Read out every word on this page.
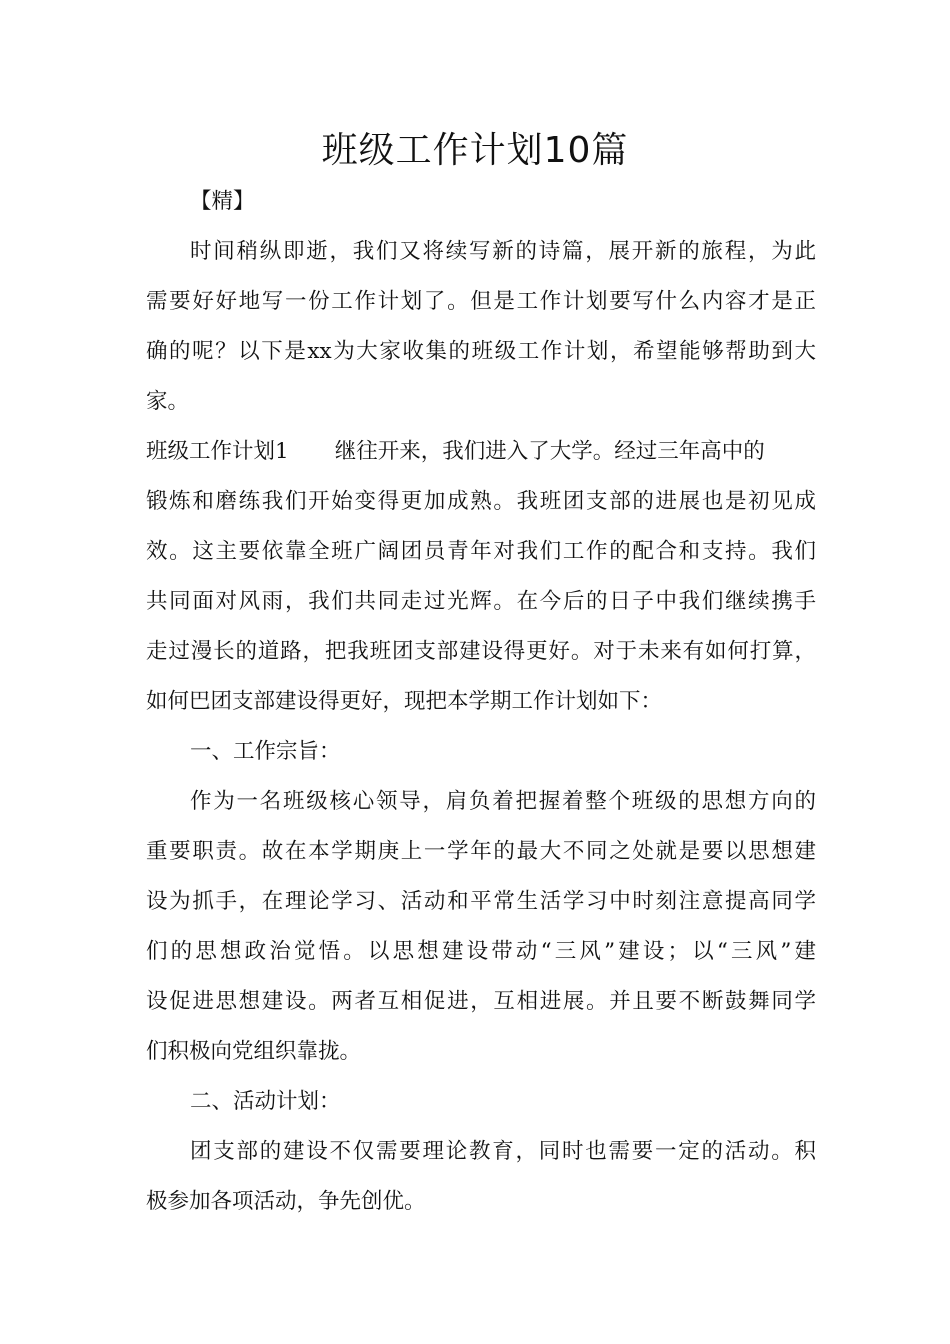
班级工作计划10篇

【精】

时间稍纵即逝，我们又将续写新的诗篇，展开新的旅程，为此

需要好好地写一份工作计划了。但是工作计划要写什么内容才是正

确的呢？以下是xx为大家收集的班级工作计划，希望能够帮助到大

家。

班级工作计划1 继往开来，我们进入了大学。经过三年高中的

锻炼和磨练我们开始变得更加成熟。我班团支部的进展也是初见成

效。这主要依靠全班广阔团员青年对我们工作的配合和支持。我们

共同面对风雨，我们共同走过光辉。在今后的日子中我们继续携手

走过漫长的道路，把我班团支部建设得更好。对于未来有如何打算，

如何巴团支部建设得更好，现把本学期工作计划如下：

一、工作宗旨：

作为一名班级核心领导，肩负着把握着整个班级的思想方向的

重要职责。故在本学期庚上一学年的最大不同之处就是要以思想建

设为抓手，在理论学习、活动和平常生活学习中时刻注意提高同学

们的思想政治觉悟。以思想建设带动“三风”建设；以“三风”建

设促进思想建设。两者互相促进，互相进展。并且要不断鼓舞同学

们积极向党组织靠拢。

二、活动计划：

团支部的建设不仅需要理论教育，同时也需要一定的活动。积

极参加各项活动，争先创优。
